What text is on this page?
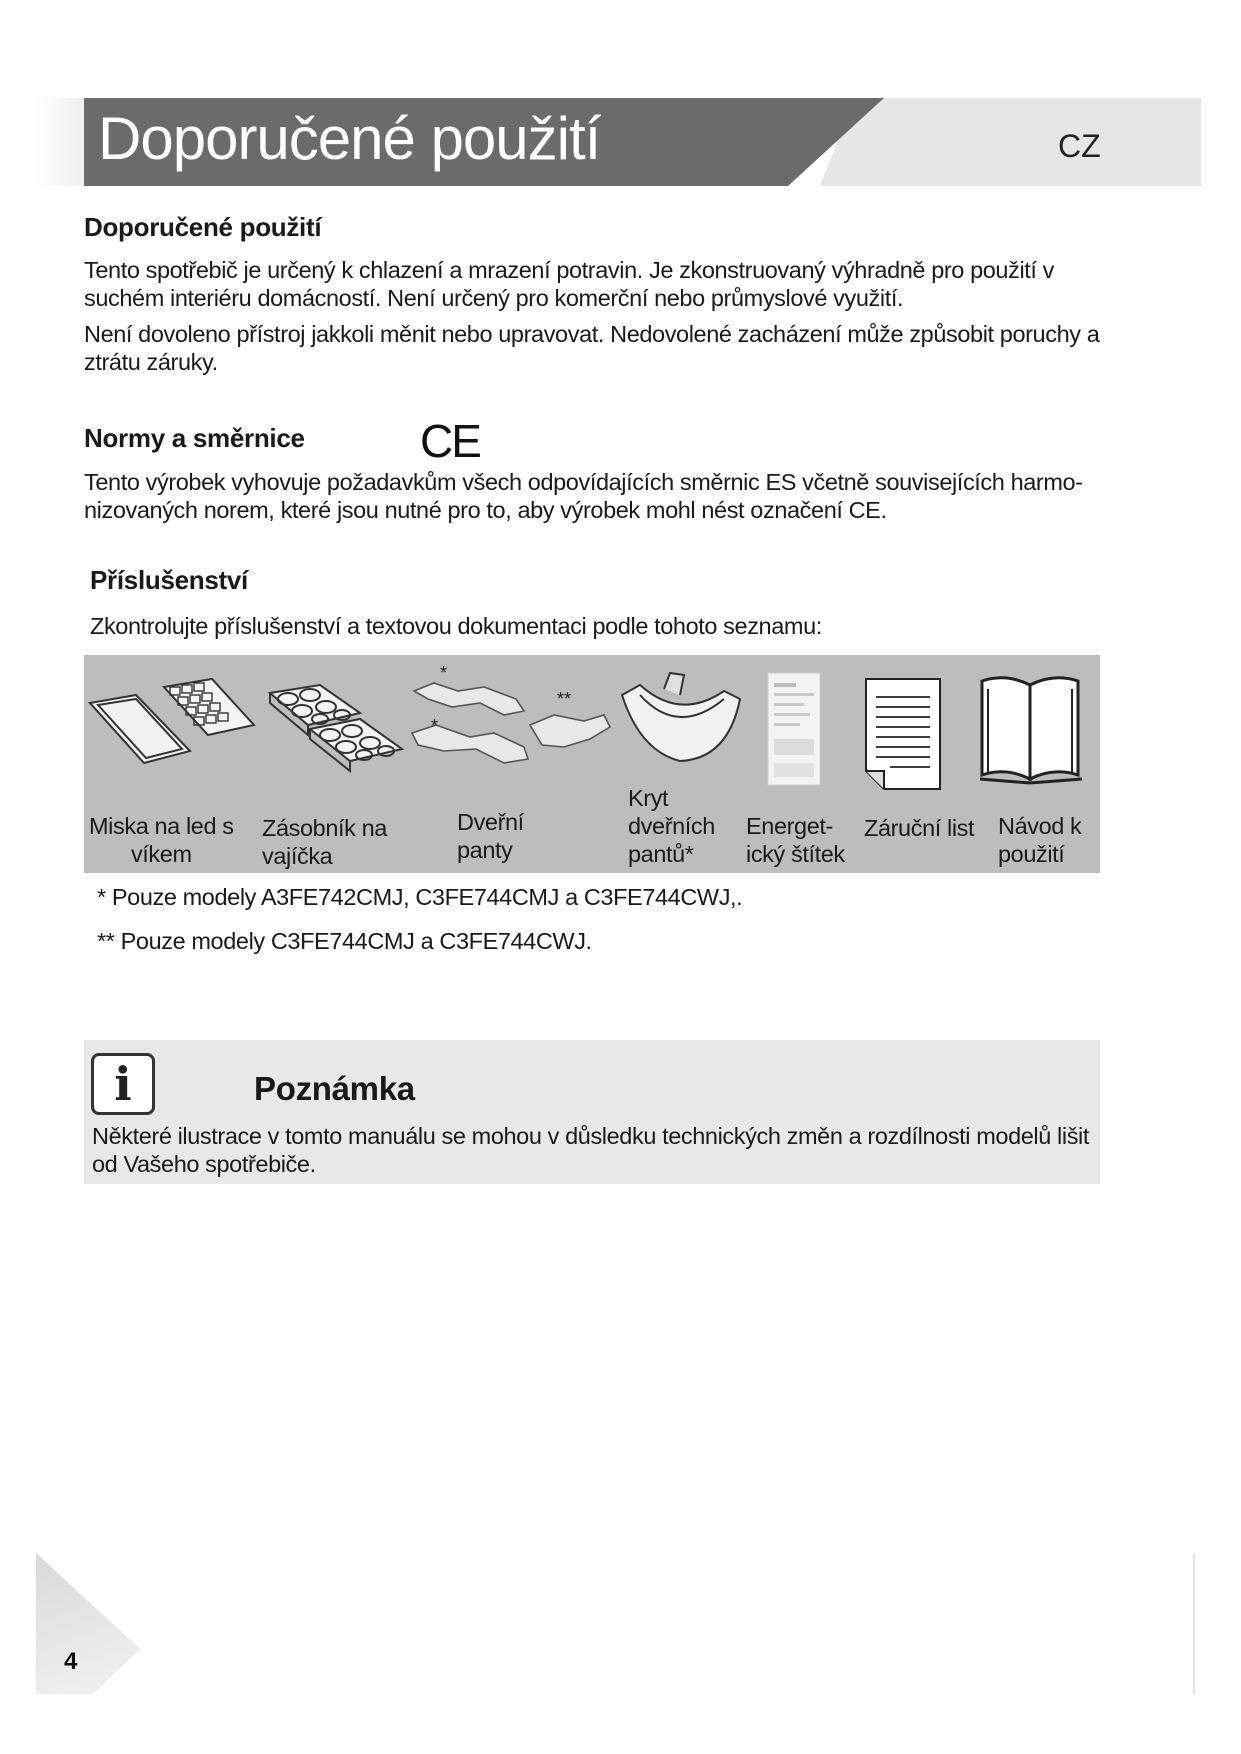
Doporučené použití	CZ
Doporučené použití

Tento spotřebič je určený k chlazení a mrazení potravin. Je zkonstruovaný výhradně pro použití v suchém interiéru domácností. Není určený pro komerční nebo průmyslové využití.

Není dovoleno přístroj jakkoli měnit nebo upravovat. Nedovolené zacházení může způsobit poruchy a ztrátu záruky.

Normy a směrnice	CE

Tento výrobek vyhovuje požadavkům všech odpovídajících směrnic ES včetně souvisejících harmo-nizovaných norem, které jsou nutné pro to, aby výrobek mohl nést označení CE.

Příslušenství

Zkontrolujte příslušenství a textovou dokumentaci podle tohoto seznamu:

*
*
**
Miska na led s
víkem
Zásobník na
vajíčka
Dveřní
panty
Kryt
dveřních
pantů*
Energet-
ický štítek
Záruční list Návod k
použití
* Pouze modely A3FE742CMJ, C3FE744CMJ a C3FE744CWJ,.
** Pouze modely C3FE744CMJ a C3FE744CWJ.
i	Poznámka

Některé ilustrace v tomto manuálu se mohou v důsledku technických změn a rozdílnosti modelů lišit od Vašeho spotřebiče.

4
